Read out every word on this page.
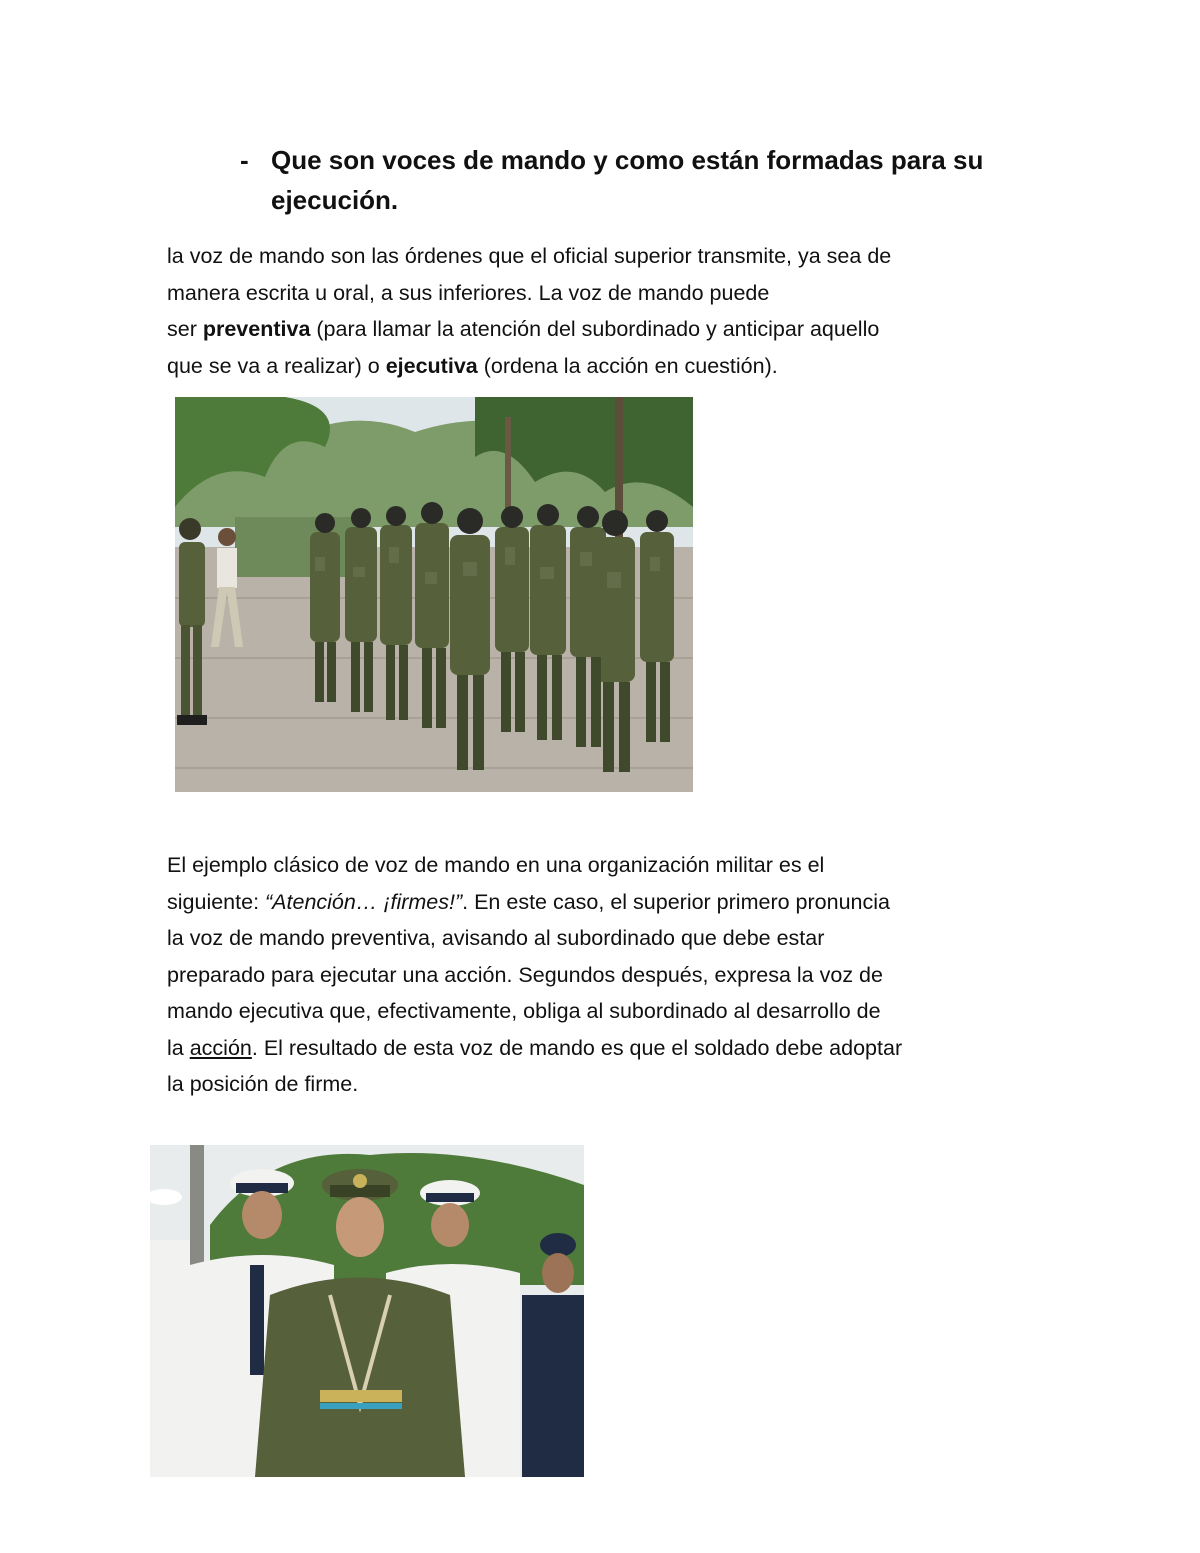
- Que son voces de mando y como están formadas para su
ejecución.
la voz de mando son las órdenes que el oficial superior transmite, ya sea de
manera escrita u oral, a sus inferiores. La voz de mando puede
ser preventiva (para llamar la atención del subordinado y anticipar aquello
que se va a realizar) o ejecutiva (ordena la acción en cuestión).
El ejemplo clásico de voz de mando en una organización militar es el
siguiente: “Atención… ¡firmes!”. En este caso, el superior primero pronuncia
la voz de mando preventiva, avisando al subordinado que debe estar
preparado para ejecutar una acción. Segundos después, expresa la voz de
mando ejecutiva que, efectivamente, obliga al subordinado al desarrollo de
la acción. El resultado de esta voz de mando es que el soldado debe adoptar
la posición de firme.
